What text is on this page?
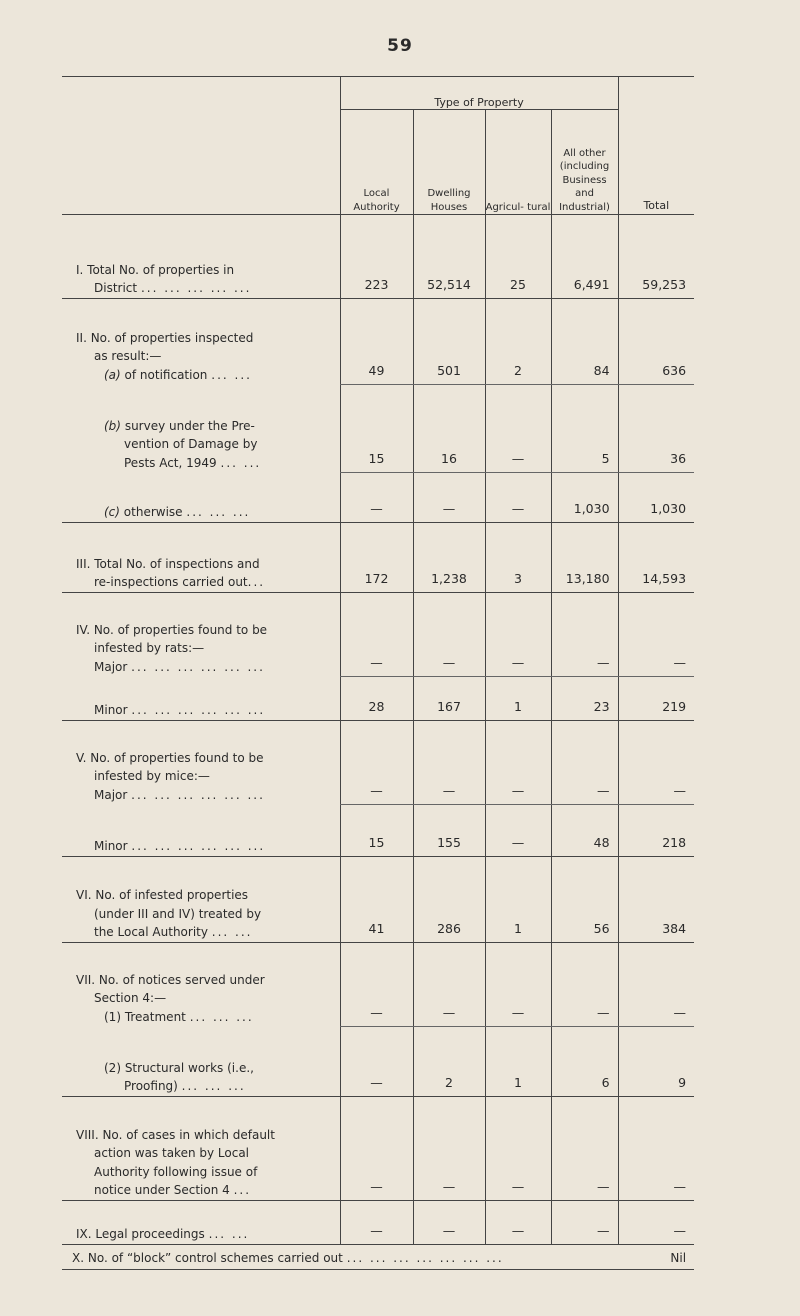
59
	Type of Property				
	Local Authority	Dwelling Houses	Agricul- tural	All other (including Business and Industrial)	Total
I. Total No. of properties in

District ... ... ... ... ...	223	52,514	25	6,491	59,253
II. No. of properties inspected

as result:—
(a) of notification ... ...	49	501	2	84	636

(b) survey under the Pre-
vention of Damage by
Pests Act, 1949 ... ...	15	16	—	5	36

(c) otherwise ... ... ...	—	—	—	1,030	1,030
III. Total No. of inspections and

re-inspections carried out...	172	1,238	3	13,180	14,593
IV. No. of properties found to be

infested by rats:—
Major ... ... ... ... ... ...	—	—	—	—	—

Minor ... ... ... ... ... ...	28	167	1	23	219
V. No. of properties found to be

infested by mice:—
Major ... ... ... ... ... ...	—	—	—	—	—

Minor ... ... ... ... ... ...	15	155	—	48	218
VI. No. of infested properties

(under III and IV) treated by
the Local Authority ... ...	41	286	1	56	384
VII. No. of notices served under

Section 4:—
(1) Treatment ... ... ...	—	—	—	—	—

(2) Structural works (i.e.,
Proofing) ... ... ...	—	2	1	6	9
VIII. No. of cases in which default

action was taken by Local
Authority following issue of
notice under Section 4 ...	—	—	—	—	—
IX. Legal proceedings ... ...	—	—	—	—	—
X. No. of “block” control schemes carried out ... ... ... ... ... ... ... Nil					
